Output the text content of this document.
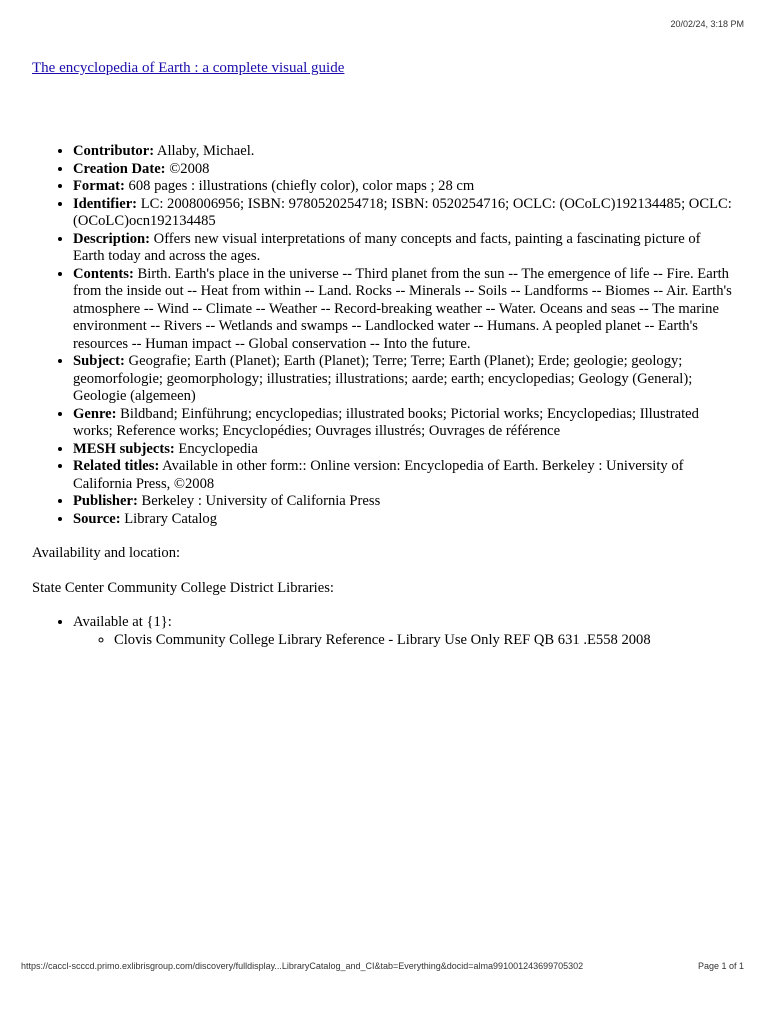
20/02/24, 3:18 PM
The encyclopedia of Earth : a complete visual guide
• Contributor: Allaby, Michael.
• Creation Date: ©2008
• Format: 608 pages : illustrations (chiefly color), color maps ; 28 cm
• Identifier: LC: 2008006956; ISBN: 9780520254718; ISBN: 0520254716; OCLC: (OCoLC)192134485; OCLC: (OCoLC)ocn192134485
• Description: Offers new visual interpretations of many concepts and facts, painting a fascinating picture of Earth today and across the ages.
• Contents: Birth. Earth's place in the universe -- Third planet from the sun -- The emergence of life -- Fire. Earth from the inside out -- Heat from within -- Land. Rocks -- Minerals -- Soils -- Landforms -- Biomes -- Air. Earth's atmosphere -- Wind -- Climate -- Weather -- Record-breaking weather -- Water. Oceans and seas -- The marine environment -- Rivers -- Wetlands and swamps -- Landlocked water -- Humans. A peopled planet -- Earth's resources -- Human impact -- Global conservation -- Into the future.
• Subject: Geografie; Earth (Planet); Earth (Planet); Terre; Terre; Earth (Planet); Erde; geologie; geology; geomorfologie; geomorphology; illustraties; illustrations; aarde; earth; encyclopedias; Geology (General); Geologie (algemeen)
• Genre: Bildband; Einführung; encyclopedias; illustrated books; Pictorial works; Encyclopedias; Illustrated works; Reference works; Encyclopédies; Ouvrages illustrés; Ouvrages de référence
• MESH subjects: Encyclopedia
• Related titles: Available in other form:: Online version: Encyclopedia of Earth. Berkeley : University of California Press, ©2008
• Publisher: Berkeley : University of California Press
• Source: Library Catalog

Availability and location:

State Center Community College District Libraries:

• Available at {1}:
◦ Clovis Community College Library Reference - Library Use Only REF QB 631 .E558 2008
https://caccl-scccd.primo.exlibrisgroup.com/discovery/fulldisplay...LibraryCatalog_and_CI&tab=Everything&docid=alma991001243699705302	Page 1 of 1
